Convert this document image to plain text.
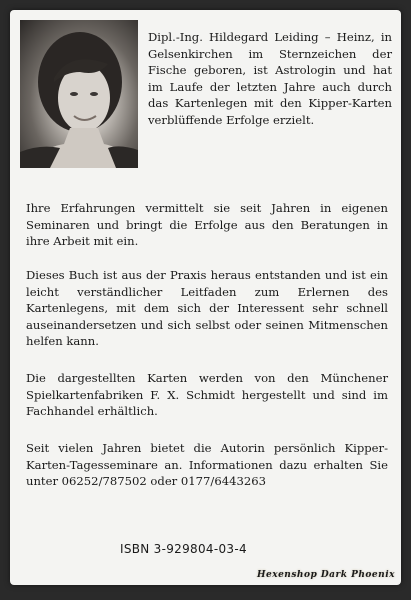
Dipl.-Ing. Hildegard Leiding – Heinz, in Gelsenkirchen im Sternzeichen der Fische geboren, ist Astrologin und hat im Laufe der letzten Jahre auch durch das Kartenlegen mit den Kipper-Karten verblüffende Erfolge erzielt.

Ihre Erfahrungen vermittelt sie seit Jahren in eigenen Seminaren und bringt die Erfolge aus den Beratungen in ihre Arbeit mit ein.

Dieses Buch ist aus der Praxis heraus entstanden und ist ein leicht verständlicher Leitfaden zum Erlernen des Kartenlegens, mit dem sich der Interessent sehr schnell auseinandersetzen und sich selbst oder seinen Mitmenschen helfen kann.

Die dargestellten Karten werden von den Münchener Spielkartenfabriken F. X. Schmidt hergestellt und sind im Fachhandel erhältlich.

Seit vielen Jahren bietet die Autorin persönlich Kipper-Karten-Tagesseminare an. Informationen dazu erhalten Sie unter 06252/787502 oder 0177/6443263

ISBN 3-929804-03-4
Hexenshop Dark Phoenix
